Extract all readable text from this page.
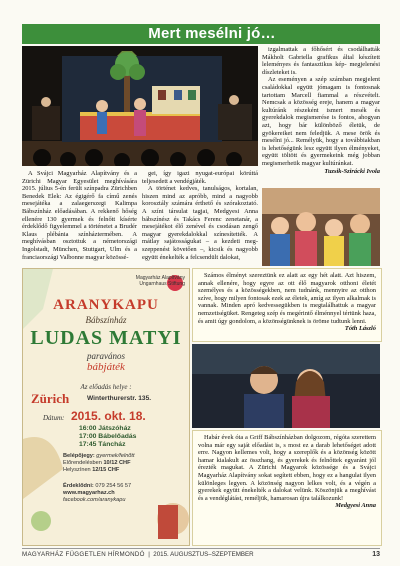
Mert mesélni jó…

izgalmattak a főhősért és csodálhatták Mákholt Gabriella grafikus által készített leleményes és fantasztikus kép- megjelenési díszleteket is.

Az eseményen a szép számban megjelent családokkal együtt jómagam is fontosnak tartottam Marcell fiammal a részvételt. Nemcsak a közösség ereje, hanem a magyar kultúránk részeként ismert mesék és gyerekdalok megismerése is fontos, ahogyan azt, hogy bár különböző életük, de gyökereiket nem feledjük. A mese örök és mesélni jó... Remélyük, hogy a továbbiakban is lehetőségünk lesz együtt ilyen élményeket, együtt töltött és gyermekeink még jobban megismerhetik magyar kultúránkat.

Tuzsik-Szirácki Ivola

A Svájci Magyarház Alapítvány és a Zürichi Magyar Egyesület meghívására 2015. július 5-én ferült színpadra Zürichben Benedek Elek: Az égigérő fa című zenés mesejátéka a zalaegerszegi Kalimpa Bábszínház előadásában. A rekkenő hőség ellenére 130 gyermek és felnőtt kísérte érdeklődő figyelemmel a történetet a Brudér Klaus plébánia színháztermében. A meghívásban osztottuk a németországi Ingolstadt, München, Stuttgart, Ulm és a franciaországi Valbonne magyar közössé-

gei, így igazi nyugat-európai körúttá teljesedett a vendégjáték.

A történet kedves, tanulságos, kortalan, hiszen mind az apróbb, mind a nagyobb korosztály számára érthető és szórakoztató. A színi társulat tagjai, Medgyesi Anna bábszínész és Takács Ferenc zenetanár, a mesejátékot élő zenével és csodásan zengő magyar gyerekdalokkal színesítették. A mátlay sajátosságukat – a kezdeti meg-szeppenést követően –, kicsik és nagyobb együtt énekelték a felcsendült dalokat,

Magyarház Alapítvány
Ungarnhaus Stiftung
ARANYKAPU
Bábszínház
LUDAS MATYI
paravános
bábjáték
Az előadás helye :
Zürich	Winterthurerstr. 135.
Dátum: 2015. okt. 18.
16:00 Játszóház
17:00 Bábelőadás
17:45 Táncház
Belépőjegy: gyermek/felnőtt
Előrendelésben 10/12 CHF
Helyszínen 12/15 CHF
Érdeklődni: 079 254 56 57
www.magyarhaz.ch
facebook.com/aranykapu

Számos élményt szereztünk ez alatt az egy hét alatt. Azt hiszem, annak ellenére, hogy egyre az ott élő magyarok otthoni életét személyes és a közösségekben, nem tudnánk, mennyire az otthon szíve, hogy milyen fontosak ezek az életek, amíg az ilyen alkalmak is vannak. Minden apró kedvessegükben is megtalálhattuk a magyar nemzetiségüket. Rengeteg szép és megérintő élménnyel tértünk haza, és amit úgy gondolom, a közönségünknek is öröme tudtunk lenni.

Tóth László

Habár évek óta a Griff Bábszínházban dolgozom, régóta szerettem volna már egy saját előadást is, s most ez a darab lehetőséget adott erre. Nagyon kellemes volt, hogy a szereplők és a közönség között hamar kialakult az összhang, és gyerekek és felnőttek egyaránt jól érezték magukat. A Zürichi Magyarok közössége és a Svájci Magyarház Alapítvány sokat segített ebben, hogy ez a hangulat ilyen különleges legyen. A közönség nagyon lelkes volt, és a végén a gyerekek együtt énekelték a dalokat velünk. Köszönjük a meghívást és a vendéglátást, reméljük, hamarosan újra találkozunk!

Medgyesi Anna
MAGYARHÁZ FÜGGETLEN HÍRMONDÓ  |  2015. AUGUSZTUS–SZEPTEMBER	13
